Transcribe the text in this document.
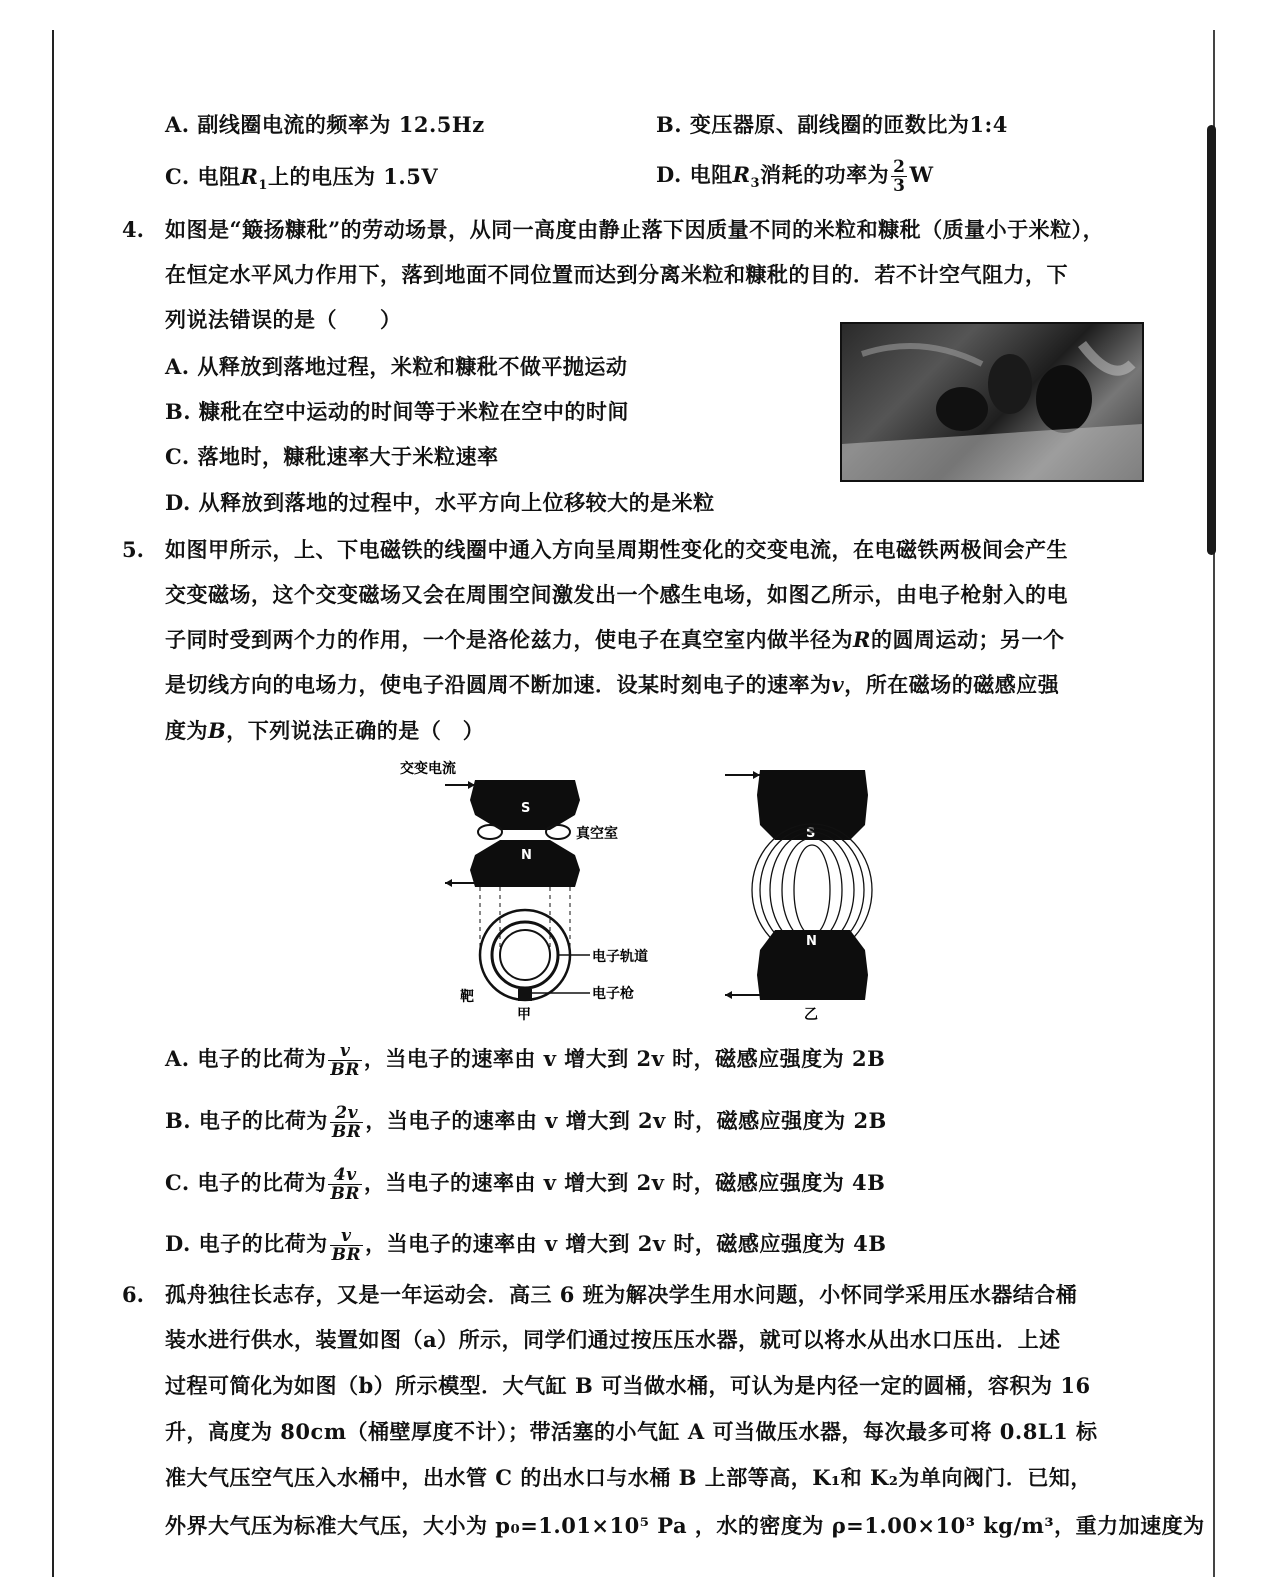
A. 副线圈电流的频率为 12.5Hz	B. 变压器原、副线圈的匝数比为1:4
C. 电阻$R_1$上的电压为 1.5V	D. 电阻$R_3$消耗的功率为 $\frac{2}{3}$ W
4. 如图是“簸扬糠秕”的劳动场景，从同一高度由静止落下因质量不同的米粒和糠秕（质量小于米粒），
在恒定水平风力作用下，落到地面不同位置而达到分离米粒和糠秕的目的．若不计空气阻力，下
列说法错误的是（　　）
A. 从释放到落地过程，米粒和糠秕不做平抛运动
B. 糠秕在空中运动的时间等于米粒在空中的时间
C. 落地时，糠秕速率大于米粒速率
D. 从释放到落地的过程中，水平方向上位移较大的是米粒
5. 如图甲所示，上、下电磁铁的线圈中通入方向呈周期性变化的交变电流，在电磁铁两极间会产生
交变磁场，这个交变磁场又会在周围空间激发出一个感生电场，如图乙所示，由电子枪射入的电
子同时受到两个力的作用，一个是洛伦兹力，使电子在真空室内做半径为R的圆周运动；另一个
是切线方向的电场力，使电子沿圆周不断加速．设某时刻电子的速率为v，所在磁场的磁感应强
度为B，下列说法正确的是（　）
S
交变电流
真空室
N
电子轨道
电子枪
靶
甲
S
N
乙
A. 电子的比荷为 $\frac{v}{BR}$ ，当电子的速率由 v 增大到 2v 时，磁感应强度为 2B
B. 电子的比荷为 $\frac{2v}{BR}$ ，当电子的速率由 v 增大到 2v 时，磁感应强度为 2B
C. 电子的比荷为 $\frac{4v}{BR}$ ，当电子的速率由 v 增大到 2v 时，磁感应强度为 4B
D. 电子的比荷为 $\frac{v}{BR}$ ，当电子的速率由 v 增大到 2v 时，磁感应强度为 4B
6. 孤舟独往长志存，又是一年运动会．高三 6 班为解决学生用水问题，小怀同学采用压水器结合桶
装水进行供水，装置如图（a）所示，同学们通过按压压水器，就可以将水从出水口压出．上述
过程可简化为如图（b）所示模型．大气缸 B 可当做水桶，可认为是内径一定的圆桶，容积为 16
升，高度为 80cm（桶壁厚度不计）；带活塞的小气缸 A 可当做压水器，每次最多可将 0.8L1 标
准大气压空气压入水桶中，出水管 C 的出水口与水桶 B 上部等高，K₁和 K₂为单向阀门．已知，
外界大气压为标准大气压，大小为 p₀=1.01×10⁵ Pa ，水的密度为 ρ=1.00×10³ kg/m³，重力加速度为
